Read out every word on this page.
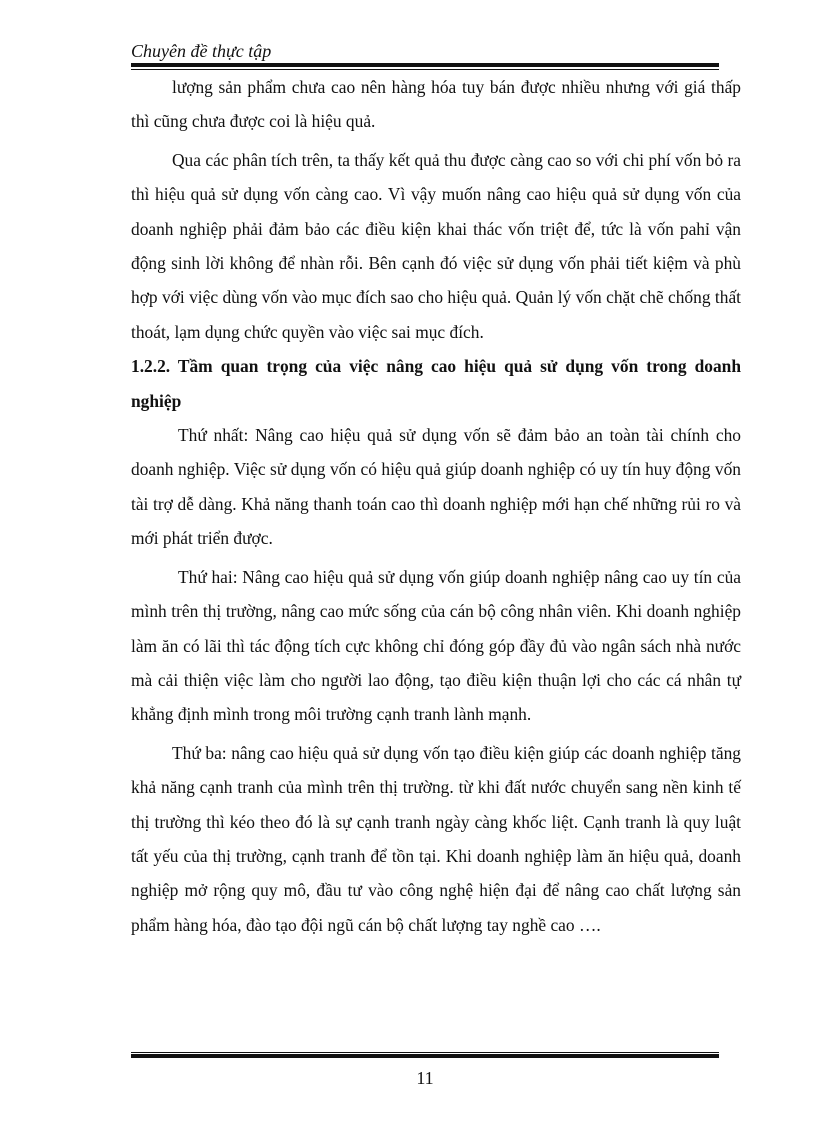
Chuyên đề thực tập

lượng sản phẩm chưa cao nên hàng hóa tuy bán được nhiều nhưng với giá thấp thì cũng chưa được coi là hiệu quả.

Qua các phân tích trên, ta thấy kết quả thu được càng cao so với chi phí vốn bỏ ra thì hiệu quả sử dụng vốn càng cao. Vì vậy muốn nâng cao hiệu quả sử dụng vốn của doanh nghiệp phải đảm bảo các điều kiện khai thác vốn triệt để, tức là vốn pahỉ vận động sinh lời không để nhàn rỗi. Bên cạnh đó việc sử dụng vốn phải tiết kiệm và phù hợp với việc dùng vốn vào mục đích sao cho hiệu quả. Quản lý vốn chặt chẽ chống thất thoát, lạm dụng chức quyền vào việc sai mục đích.

1.2.2. Tầm quan trọng của việc nâng cao hiệu quả sử dụng vốn trong doanh nghiệp

Thứ nhất: Nâng cao hiệu quả sử dụng vốn sẽ đảm bảo an toàn tài chính cho doanh nghiệp. Việc sử dụng vốn có hiệu quả giúp doanh nghiệp có uy tín huy động vốn tài trợ dễ dàng. Khả năng thanh toán cao thì doanh nghiệp mới hạn chế những rủi ro và mới phát triển được.

Thứ hai: Nâng cao hiệu quả sử dụng vốn giúp doanh nghiệp nâng cao uy tín của mình trên thị trường, nâng cao mức sống của cán bộ công nhân viên. Khi doanh nghiệp làm ăn có lãi thì tác động tích cực không chỉ đóng góp đầy đủ vào ngân sách nhà nước mà cải thiện việc làm cho người lao động, tạo điều kiện thuận lợi cho các cá nhân tự khẳng định mình trong môi trường cạnh tranh lành mạnh.

Thứ ba: nâng cao hiệu quả sử dụng vốn tạo điều kiện giúp các doanh nghiệp tăng khả năng cạnh tranh của mình trên thị trường. từ khi đất nước chuyển sang nền kinh tế thị trường thì kéo theo đó là sự cạnh tranh ngày càng khốc liệt. Cạnh tranh là quy luật tất yếu của thị trường, cạnh tranh để tồn tại. Khi doanh nghiệp làm ăn hiệu quả, doanh nghiệp mở rộng quy mô, đầu tư vào công nghệ hiện đại để nâng cao chất lượng sản phẩm hàng hóa, đào tạo đội ngũ cán bộ chất lượng tay nghề cao ….

11
